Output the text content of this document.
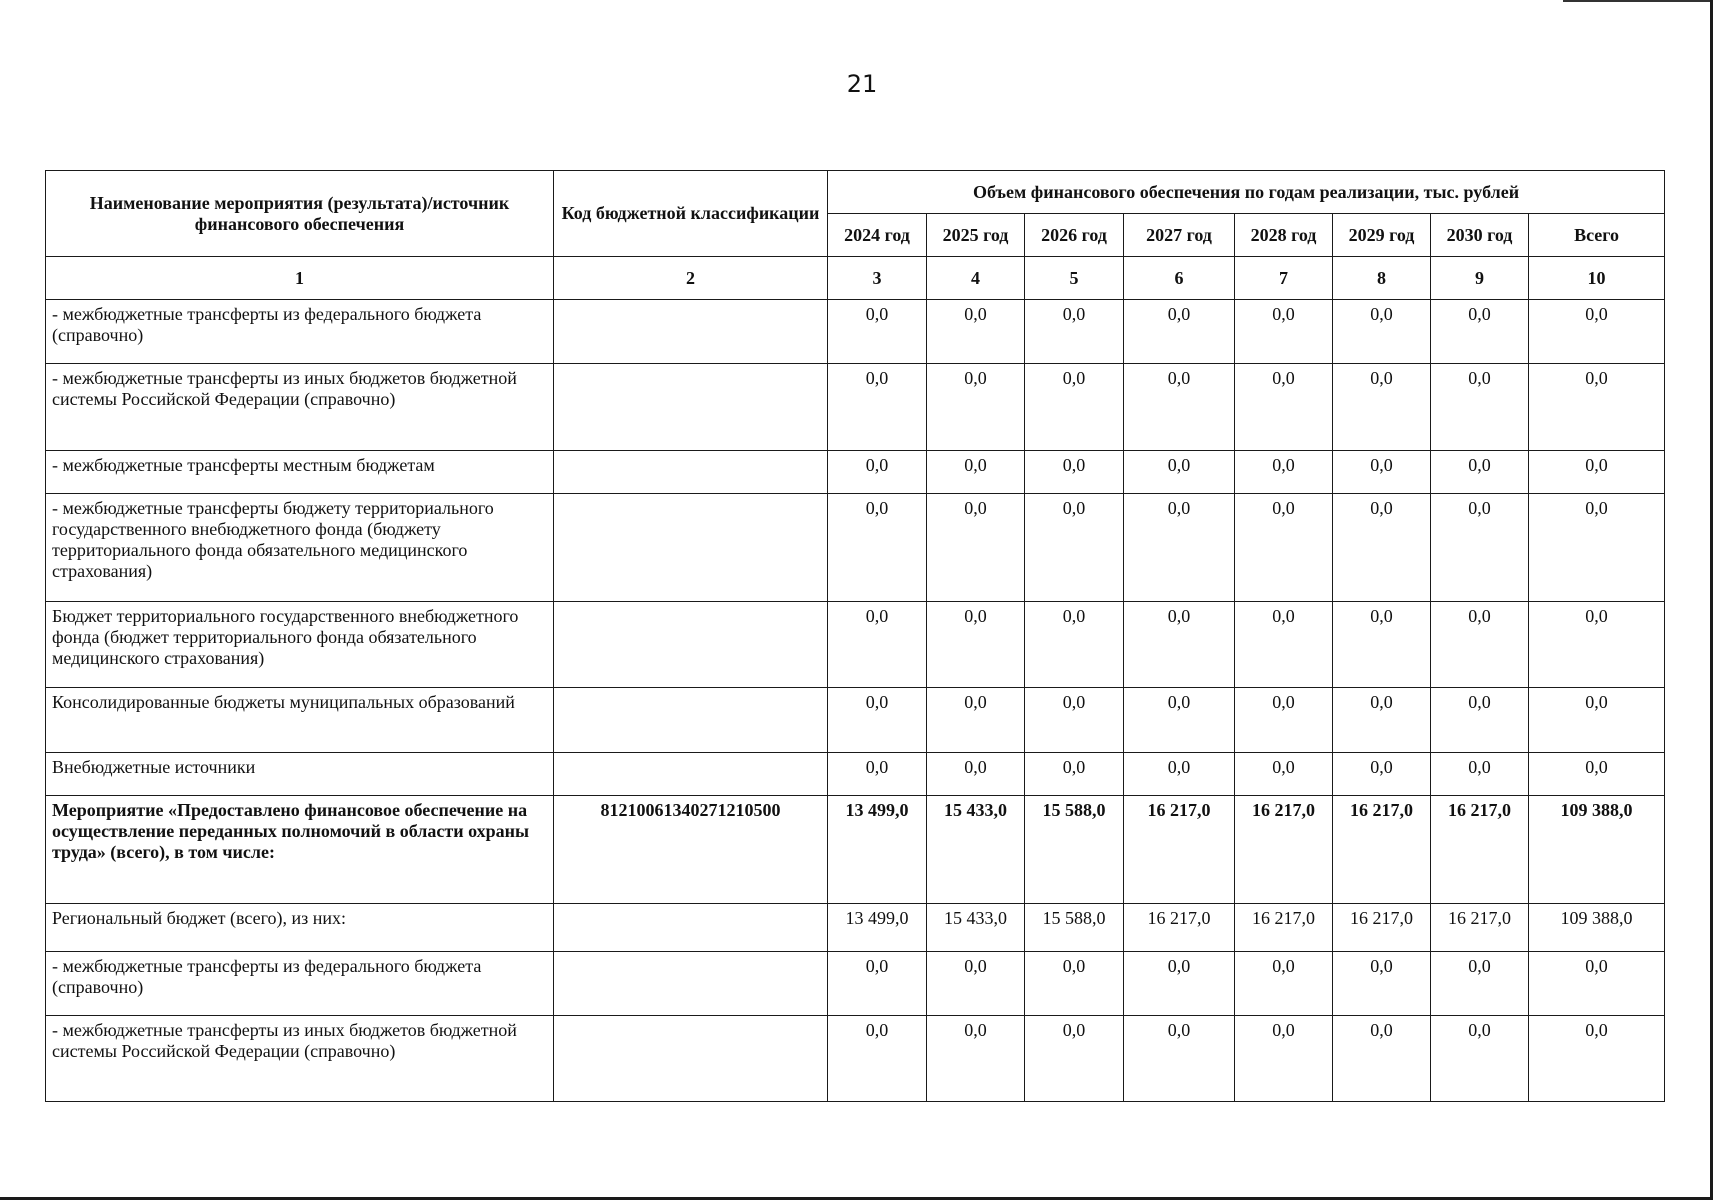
21
Наименование мероприятия (результата)/источник финансового обеспечения	Код бюджетной классификации	Объем финансового обеспечения по годам реализации, тыс. рублей							
		2024 год	2025 год	2026 год	2027 год	2028 год	2029 год	2030 год	Всего
1	2	3	4	5	6	7	8	9	10
- межбюджетные трансферты из федерального бюджета (справочно)		0,0	0,0	0,0	0,0	0,0	0,0	0,0	0,0
- межбюджетные трансферты из иных бюджетов бюджетной системы Российской Федерации (справочно)		0,0	0,0	0,0	0,0	0,0	0,0	0,0	0,0
- межбюджетные трансферты местным бюджетам		0,0	0,0	0,0	0,0	0,0	0,0	0,0	0,0
- межбюджетные трансферты бюджету территориального государственного внебюджетного фонда (бюджету территориального фонда обязательного медицинского страхования)		0,0	0,0	0,0	0,0	0,0	0,0	0,0	0,0
Бюджет территориального государственного внебюджетного фонда (бюджет территориального фонда обязательного медицинского страхования)		0,0	0,0	0,0	0,0	0,0	0,0	0,0	0,0
Консолидированные бюджеты муниципальных образований		0,0	0,0	0,0	0,0	0,0	0,0	0,0	0,0
Внебюджетные источники		0,0	0,0	0,0	0,0	0,0	0,0	0,0	0,0
Мероприятие «Предоставлено финансовое обеспечение на осуществление переданных полномочий в области охраны труда» (всего), в том числе:	81210061340271210500	13 499,0	15 433,0	15 588,0	16 217,0	16 217,0	16 217,0	16 217,0	109 388,0
Региональный бюджет (всего), из них:		13 499,0	15 433,0	15 588,0	16 217,0	16 217,0	16 217,0	16 217,0	109 388,0
- межбюджетные трансферты из федерального бюджета (справочно)		0,0	0,0	0,0	0,0	0,0	0,0	0,0	0,0
- межбюджетные трансферты из иных бюджетов бюджетной системы Российской Федерации (справочно)		0,0	0,0	0,0	0,0	0,0	0,0	0,0	0,0
